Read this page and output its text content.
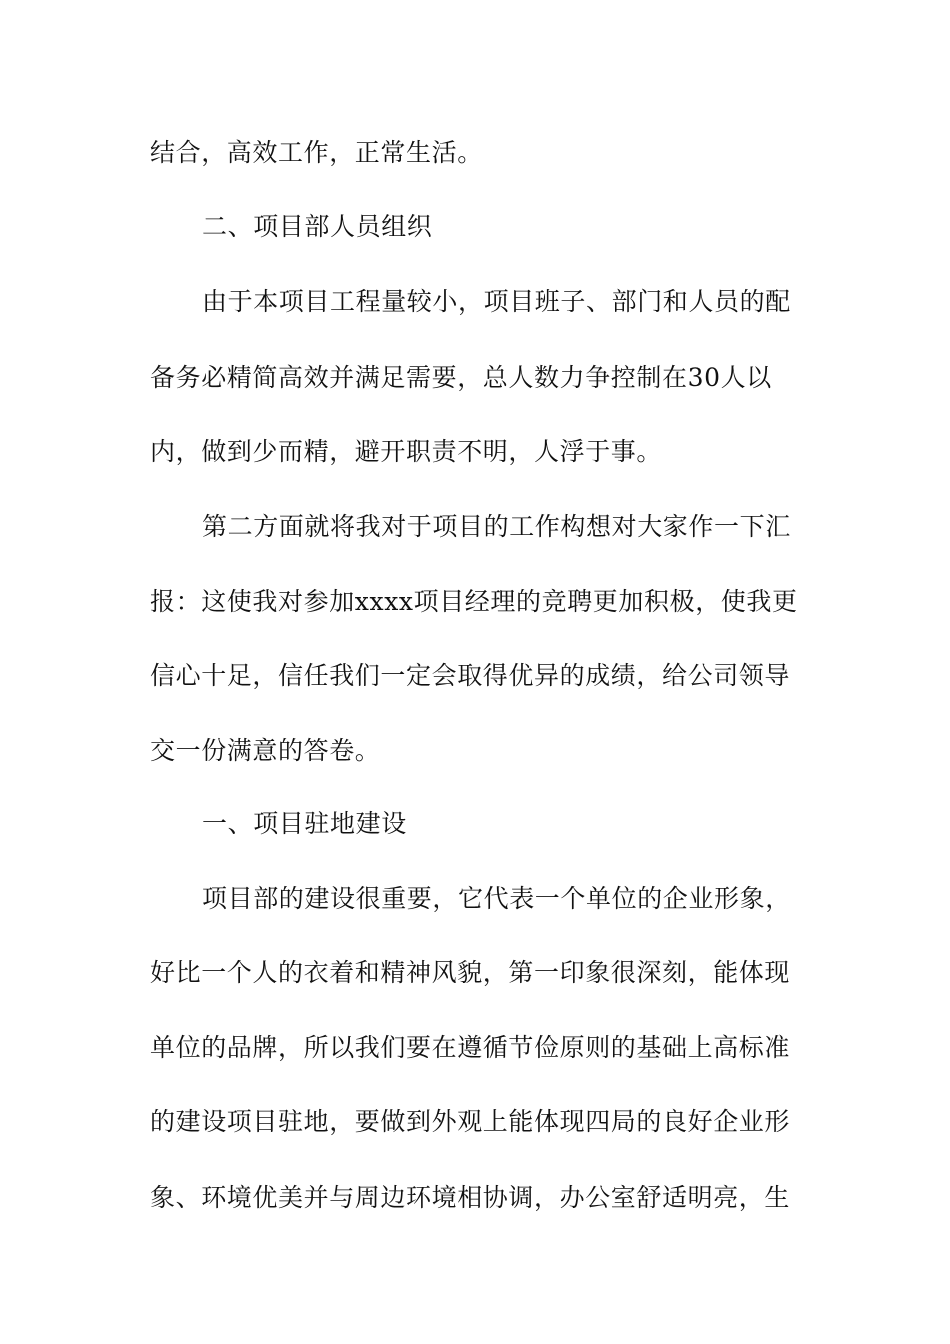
结合，高效工作，正常生活。
二、项目部人员组织
由于本项目工程量较小，项目班子、部门和人员的配
备务必精简高效并满足需要，总人数力争控制在30人以
内，做到少而精，避开职责不明，人浮于事。
第二方面就将我对于项目的工作构想对大家作一下汇
报：这使我对参加xxxx项目经理的竞聘更加积极，使我更
信心十足，信任我们一定会取得优异的成绩，给公司领导
交一份满意的答卷。
一、项目驻地建设
项目部的建设很重要，它代表一个单位的企业形象，
好比一个人的衣着和精神风貌，第一印象很深刻，能体现
单位的品牌，所以我们要在遵循节俭原则的基础上高标准
的建设项目驻地，要做到外观上能体现四局的良好企业形
象、环境优美并与周边环境相协调，办公室舒适明亮，生
